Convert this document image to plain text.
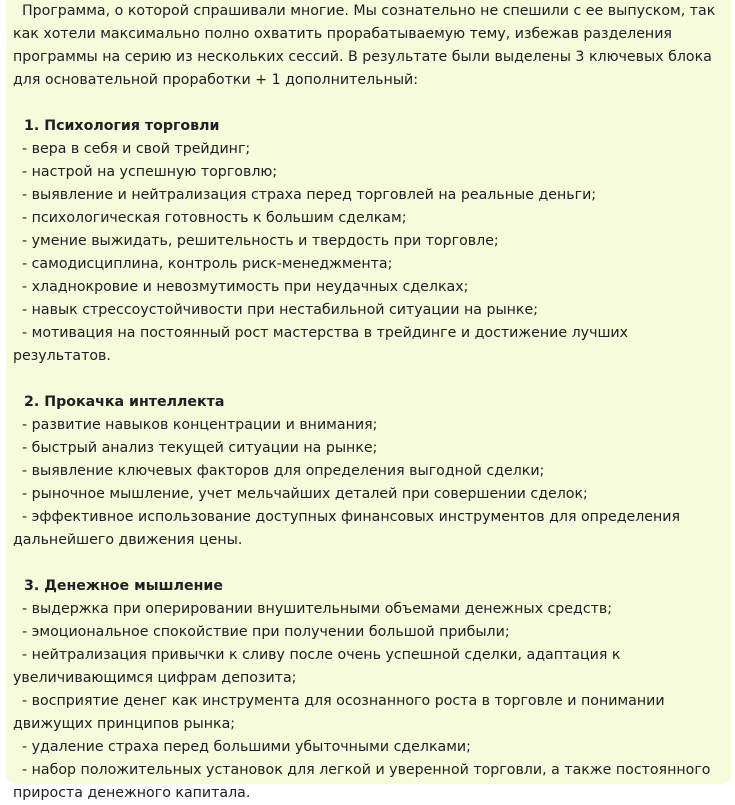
Программа, о которой спрашивали многие. Мы сознательно не спешили с ее выпуском, так как хотели максимально полно охватить прорабатываемую тему, избежав разделения программы на серию из нескольких сессий. В результате были выделены 3 ключевых блока для основательной проработки + 1 дополнительный:

1. Психология торговли

- вера в себя и свой трейдинг;
- настрой на успешную торговлю;
- выявление и нейтрализация страха перед торговлей на реальные деньги;
- психологическая готовность к большим сделкам;
- умение выжидать, решительность и твердость при торговле;
- самодисциплина, контроль риск-менеджмента;
- хладнокровие и невозмутимость при неудачных сделках;
- навык стрессоустойчивости при нестабильной ситуации на рынке;
- мотивация на постоянный рост мастерства в трейдинге и достижение лучших результатов.

2. Прокачка интеллекта

- развитие навыков концентрации и внимания;
- быстрый анализ текущей ситуации на рынке;
- выявление ключевых факторов для определения выгодной сделки;
- рыночное мышление, учет мельчайших деталей при совершении сделок;
- эффективное использование доступных финансовых инструментов для определения дальнейшего движения цены.

3. Денежное мышление

- выдержка при оперировании внушительными объемами денежных средств;
- эмоциональное спокойствие при получении большой прибыли;
- нейтрализация привычки к сливу после очень успешной сделки, адаптация к увеличивающимся цифрам депозита;
- восприятие денег как инструмента для осознанного роста в торговле и понимании движущих принципов рынка;
- удаление страха перед большими убыточными сделками;
- набор положительных установок для легкой и уверенной торговли, а также постоянного прироста денежного капитала.
